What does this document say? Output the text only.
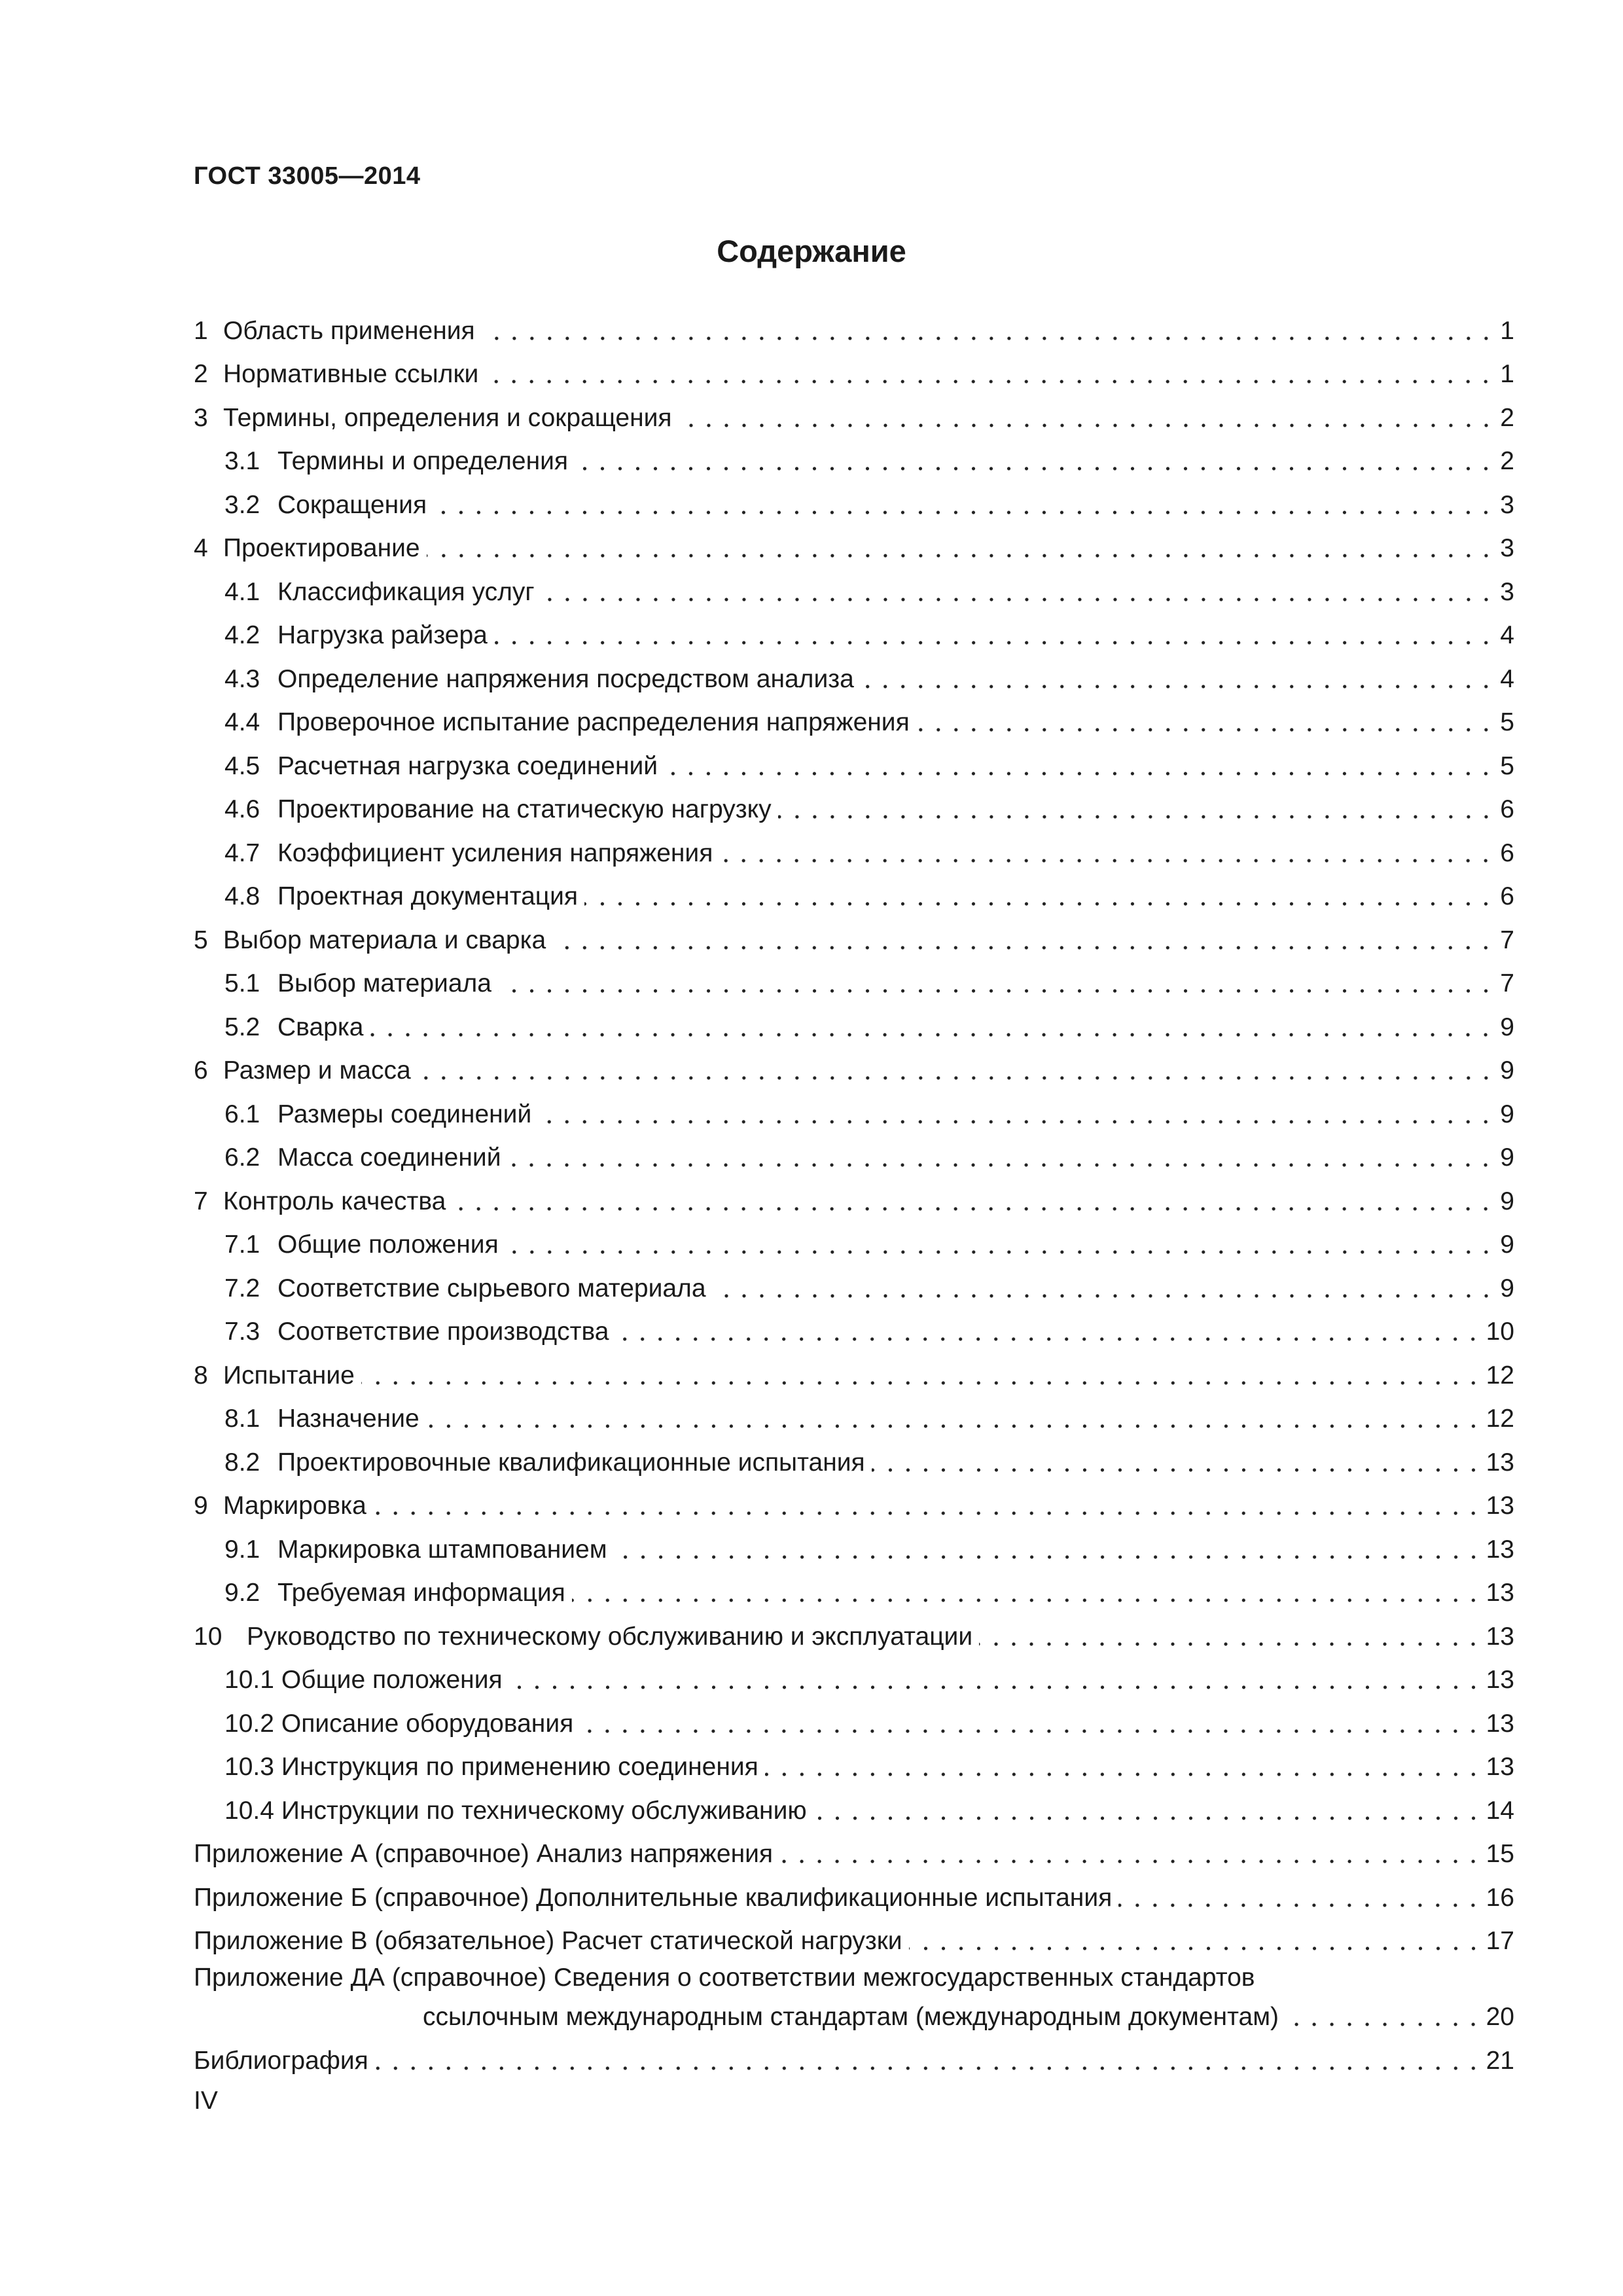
ГОСТ 33005—2014
Содержание
1 Область применения	1
2 Нормативные ссылки	1
3 Термины, определения и сокращения	2
3.1 Термины и определения	2
3.2 Сокращения	3
4 Проектирование	3
4.1 Классификация услуг	3
4.2 Нагрузка райзера	4
4.3 Определение напряжения посредством анализа	4
4.4 Проверочное испытание распределения напряжения	5
4.5 Расчетная нагрузка соединений	5
4.6 Проектирование на статическую нагрузку	6
4.7 Коэффициент усиления напряжения	6
4.8 Проектная документация	6
5 Выбор материала и сварка	7
5.1 Выбор материала	7
5.2 Сварка	9
6 Размер и масса	9
6.1 Размеры соединений	9
6.2 Масса соединений	9
7 Контроль качества	9
7.1 Общие положения	9
7.2 Соответствие сырьевого материала	9
7.3 Соответствие производства	10
8 Испытание	12
8.1 Назначение	12
8.2 Проектировочные квалификационные испытания	13
9 Маркировка	13
9.1 Маркировка штампованием	13
9.2 Требуемая информация	13
10 Руководство по техническому обслуживанию и эксплуатации	13
10.1 Общие положения	13
10.2 Описание оборудования	13
10.3 Инструкция по применению соединения	13
10.4 Инструкции по техническому обслуживанию	14
Приложение А (справочное) Анализ напряжения	15
Приложение Б (справочное) Дополнительные квалификационные испытания	16
Приложение В (обязательное) Расчет статической нагрузки	17
Приложение ДА (справочное) Сведения о соответствии межгосударственных стандартов
ссылочным международным стандартам (международным документам)	20
Библиография	21
IV
